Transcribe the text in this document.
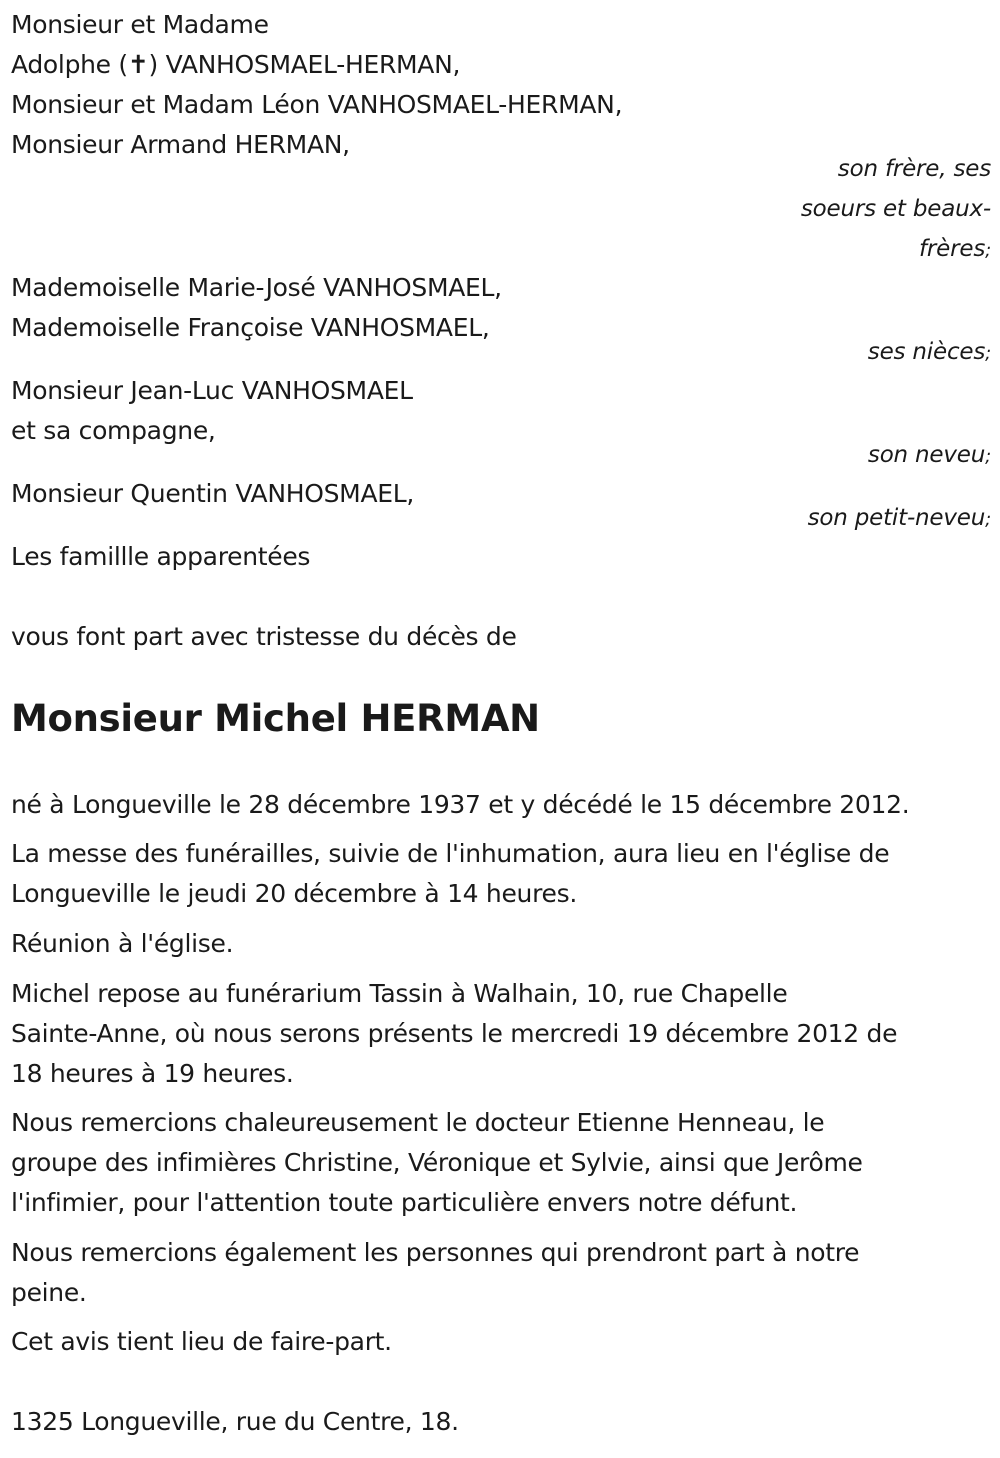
Monsieur et Madame
Adolphe (✝) VANHOSMAEL-HERMAN,
Monsieur et Madam Léon VANHOSMAEL-HERMAN,
Monsieur Armand HERMAN,
son frère, ses
soeurs et beaux-
frères;
Mademoiselle Marie-José VANHOSMAEL,
Mademoiselle Françoise VANHOSMAEL,
ses nièces;
Monsieur Jean-Luc VANHOSMAEL
et sa compagne,
son neveu;
Monsieur Quentin VANHOSMAEL,
son petit-neveu;
Les famillle apparentées
vous font part avec tristesse du décès de
Monsieur Michel HERMAN
né à Longueville le 28 décembre 1937 et y décédé le 15 décembre 2012.
La messe des funérailles, suivie de l'inhumation, aura lieu en l'église de
Longueville le jeudi 20 décembre à 14 heures.
Réunion à l'église.
Michel repose au funérarium Tassin à Walhain, 10, rue Chapelle
Sainte-Anne, où nous serons présents le mercredi 19 décembre 2012 de
18 heures à 19 heures.
Nous remercions chaleureusement le docteur Etienne Henneau, le
groupe des infimières Christine, Véronique et Sylvie, ainsi que Jerôme
l'infimier, pour l'attention toute particulière envers notre défunt.
Nous remercions également les personnes qui prendront part à notre
peine.
Cet avis tient lieu de faire-part.
1325 Longueville, rue du Centre, 18.
